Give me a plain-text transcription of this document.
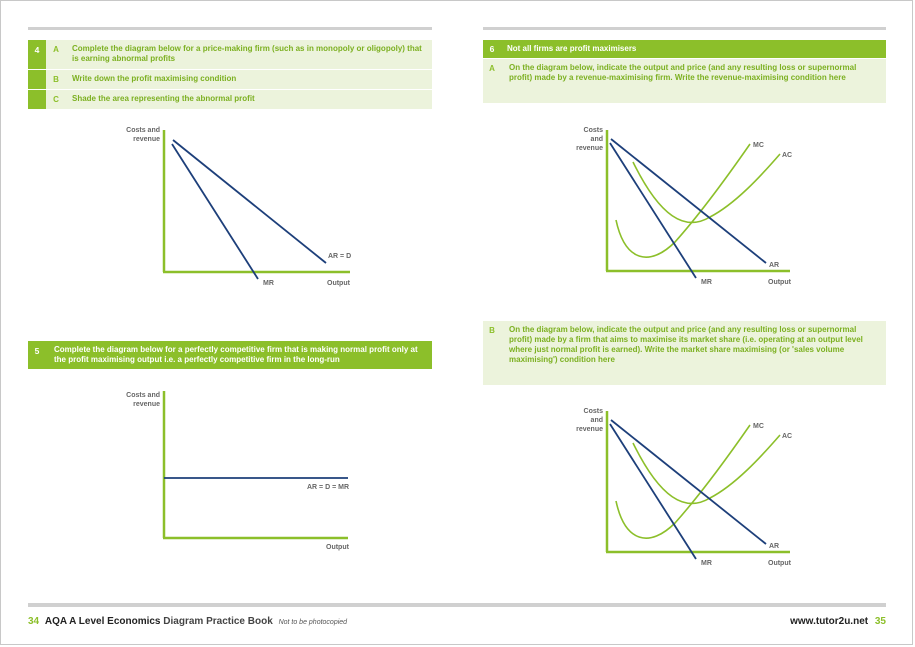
4	A	Complete the diagram below for a price-making firm (such as in monopoly or oligopoly) that is earning abnormal profits
B	Write down the profit maximising condition
C	Shade the area representing the abnormal profit
Costs and
revenue
AR = D
MR	Output
5	Complete the diagram below for a perfectly competitive firm that is making normal profit only at the profit maximising output i.e. a perfectly competitive firm in the long-run
Costs and
revenue
AR = D = MR
Output
6	Not all firms are profit maximisers
A	On the diagram below, indicate the output and price (and any resulting loss or supernormal profit) made by a revenue-maximising firm. Write the revenue-maximising condition here
Costs
and
revenue	MC
AC
AR
MR	Output
B	On the diagram below, indicate the output and price (and any resulting loss or supernormal profit) made by a firm that aims to maximise its market share (i.e. operating at an output level where just normal profit is earned). Write the market share maximising (or 'sales volume maximising') condition here
Costs
and
revenue	MC
AC
AR
MR	Output
34 AQA A Level Economics Diagram Practice Book Not to be photocopied	www.tutor2u.net 35
